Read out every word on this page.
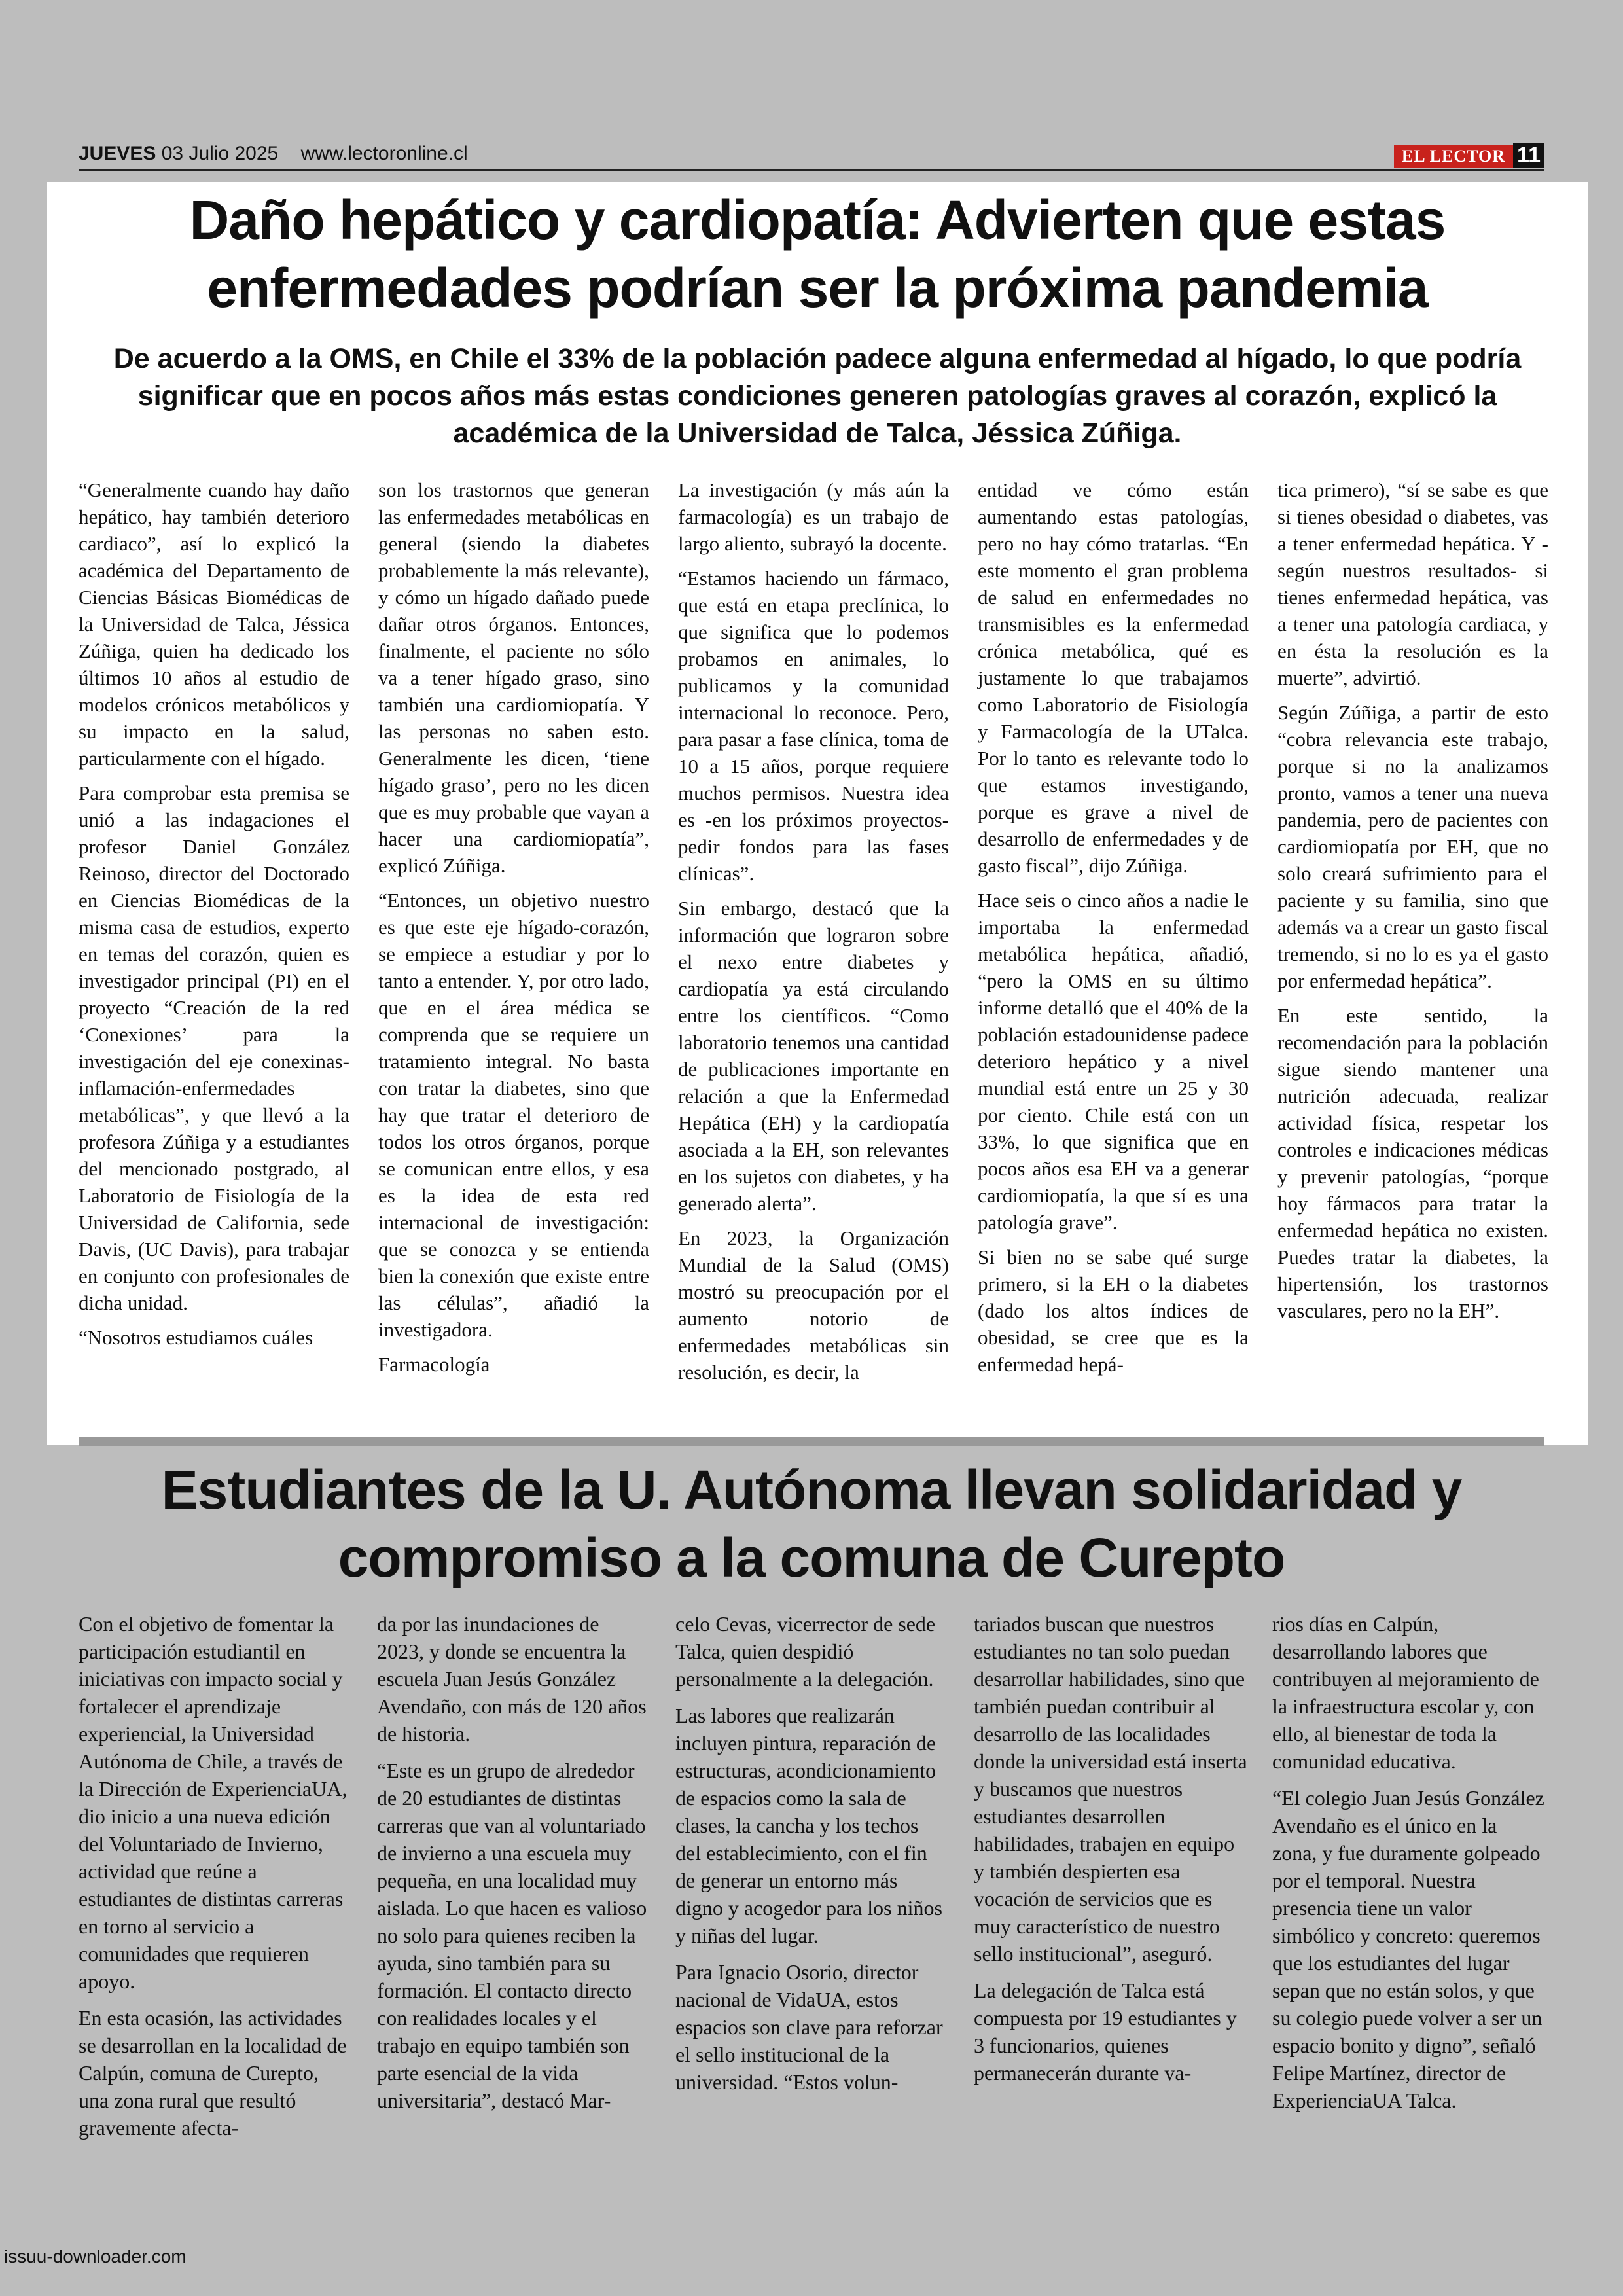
JUEVES 03 Julio 2025 www.lectoronline.cl	EL LECTOR 11
Daño hepático y cardiopatía: Advierten que estas
enfermedades podrían ser la próxima pandemia
De acuerdo a la OMS, en Chile el 33% de la población padece alguna enfermedad al hígado, lo que podría significar que en pocos años más estas condiciones generen patologías graves al corazón, explicó la académica de la Universidad de Talca, Jéssica Zúñiga.

“Generalmente cuando hay daño hepático, hay también deterioro cardiaco”, así lo explicó la académica del Departamento de Ciencias Básicas Biomédicas de la Universidad de Talca, Jéssica Zúñiga, quien ha dedicado los últimos 10 años al estudio de modelos crónicos metabólicos y su impacto en la salud, particularmente con el hígado.

Para comprobar esta premisa se unió a las indagaciones el profesor Daniel González Reinoso, director del Doctorado en Ciencias Biomédicas de la misma casa de estudios, experto en temas del corazón, quien es investigador principal (PI) en el proyecto “Creación de la red ‘Conexiones’ para la investigación del eje conexinas-inflamación-enfermedades metabólicas”, y que llevó a la profesora Zúñiga y a estudiantes del mencionado postgrado, al Laboratorio de Fisiología de la Universidad de California, sede Davis, (UC Davis), para trabajar en conjunto con profesionales de dicha unidad.

“Nosotros estudiamos cuáles

son los trastornos que generan las enfermedades metabólicas en general (siendo la diabetes probablemente la más relevante), y cómo un hígado dañado puede dañar otros órganos. Entonces, finalmente, el paciente no sólo va a tener hígado graso, sino también una cardiomiopatía. Y las personas no saben esto. Generalmente les dicen, ‘tiene hígado graso’, pero no les dicen que es muy probable que vayan a hacer una cardiomiopatía”, explicó Zúñiga.

“Entonces, un objetivo nuestro es que este eje hígado-corazón, se empiece a estudiar y por lo tanto a entender. Y, por otro lado, que en el área médica se comprenda que se requiere un tratamiento integral. No basta con tratar la diabetes, sino que hay que tratar el deterioro de todos los otros órganos, porque se comunican entre ellos, y esa es la idea de esta red internacional de investigación: que se conozca y se entienda bien la conexión que existe entre las células”, añadió la investigadora.

Farmacología

La investigación (y más aún la farmacología) es un trabajo de largo aliento, subrayó la docente.

“Estamos haciendo un fármaco, que está en etapa preclínica, lo que significa que lo podemos probamos en animales, lo publicamos y la comunidad internacional lo reconoce. Pero, para pasar a fase clínica, toma de 10 a 15 años, porque requiere muchos permisos. Nuestra idea es -en los próximos proyectos- pedir fondos para las fases clínicas”.

Sin embargo, destacó que la información que lograron sobre el nexo entre diabetes y cardiopatía ya está circulando entre los científicos. “Como laboratorio tenemos una cantidad de publicaciones importante en relación a que la Enfermedad Hepática (EH) y la cardiopatía asociada a la EH, son relevantes en los sujetos con diabetes, y ha generado alerta”.

En 2023, la Organización Mundial de la Salud (OMS) mostró su preocupación por el aumento notorio de enfermedades metabólicas sin resolución, es decir, la

entidad ve cómo están aumentando estas patologías, pero no hay cómo tratarlas. “En este momento el gran problema de salud en enfermedades no transmisibles es la enfermedad crónica metabólica, qué es justamente lo que trabajamos como Laboratorio de Fisiología y Farmacología de la UTalca. Por lo tanto es relevante todo lo que estamos investigando, porque es grave a nivel de desarrollo de enfermedades y de gasto fiscal”, dijo Zúñiga.

Hace seis o cinco años a nadie le importaba la enfermedad metabólica hepática, añadió, “pero la OMS en su último informe detalló que el 40% de la población estadounidense padece deterioro hepático y a nivel mundial está entre un 25 y 30 por ciento. Chile está con un 33%, lo que significa que en pocos años esa EH va a generar cardiomiopatía, la que sí es una patología grave”.

Si bien no se sabe qué surge primero, si la EH o la diabetes (dado los altos índices de obesidad, se cree que es la enfermedad hepá-

tica primero), “sí se sabe es que si tienes obesidad o diabetes, vas a tener enfermedad hepática. Y -según nuestros resultados- si tienes enfermedad hepática, vas a tener una patología cardiaca, y en ésta la resolución es la muerte”, advirtió.

Según Zúñiga, a partir de esto “cobra relevancia este trabajo, porque si no la analizamos pronto, vamos a tener una nueva pandemia, pero de pacientes con cardiomiopatía por EH, que no solo creará sufrimiento para el paciente y su familia, sino que además va a crear un gasto fiscal tremendo, si no lo es ya el gasto por enfermedad hepática”.

En este sentido, la recomendación para la población sigue siendo mantener una nutrición adecuada, realizar actividad física, respetar los controles e indicaciones médicas y prevenir patologías, “porque hoy fármacos para tratar la enfermedad hepática no existen. Puedes tratar la diabetes, la hipertensión, los trastornos vasculares, pero no la EH”.

Estudiantes de la U. Autónoma llevan solidaridad y
compromiso a la comuna de Curepto

Con el objetivo de fomentar la participación estudiantil en iniciativas con impacto social y fortalecer el aprendizaje experiencial, la Universidad Autónoma de Chile, a través de la Dirección de ExperienciaUA, dio inicio a una nueva edición del Voluntariado de Invierno, actividad que reúne a estudiantes de distintas carreras en torno al servicio a comunidades que requieren apoyo.

En esta ocasión, las actividades se desarrollan en la localidad de Calpún, comuna de Curepto, una zona rural que resultó gravemente afecta-

da por las inundaciones de 2023, y donde se encuentra la escuela Juan Jesús González Avendaño, con más de 120 años de historia.

“Este es un grupo de alrededor de 20 estudiantes de distintas carreras que van al voluntariado de invierno a una escuela muy pequeña, en una localidad muy aislada. Lo que hacen es valioso no solo para quienes reciben la ayuda, sino también para su formación. El contacto directo con realidades locales y el trabajo en equipo también son parte esencial de la vida universitaria”, destacó Mar-

celo Cevas, vicerrector de sede Talca, quien despidió personalmente a la delegación.

Las labores que realizarán incluyen pintura, reparación de estructuras, acondicionamiento de espacios como la sala de clases, la cancha y los techos del establecimiento, con el fin de generar un entorno más digno y acogedor para los niños y niñas del lugar.

Para Ignacio Osorio, director nacional de VidaUA, estos espacios son clave para reforzar el sello institucional de la universidad. “Estos volun-

tariados buscan que nuestros estudiantes no tan solo puedan desarrollar habilidades, sino que también puedan contribuir al desarrollo de las localidades donde la universidad está inserta y buscamos que nuestros estudiantes desarrollen habilidades, trabajen en equipo y también despierten esa vocación de servicios que es muy característico de nuestro sello institucional”, aseguró.

La delegación de Talca está compuesta por 19 estudiantes y 3 funcionarios, quienes permanecerán durante va-

rios días en Calpún, desarrollando labores que contribuyen al mejoramiento de la infraestructura escolar y, con ello, al bienestar de toda la comunidad educativa.

“El colegio Juan Jesús González Avendaño es el único en la zona, y fue duramente golpeado por el temporal. Nuestra presencia tiene un valor simbólico y concreto: queremos que los estudiantes del lugar sepan que no están solos, y que su colegio puede volver a ser un espacio bonito y digno”, señaló Felipe Martínez, director de ExperienciaUA Talca.

issuu-downloader.com
